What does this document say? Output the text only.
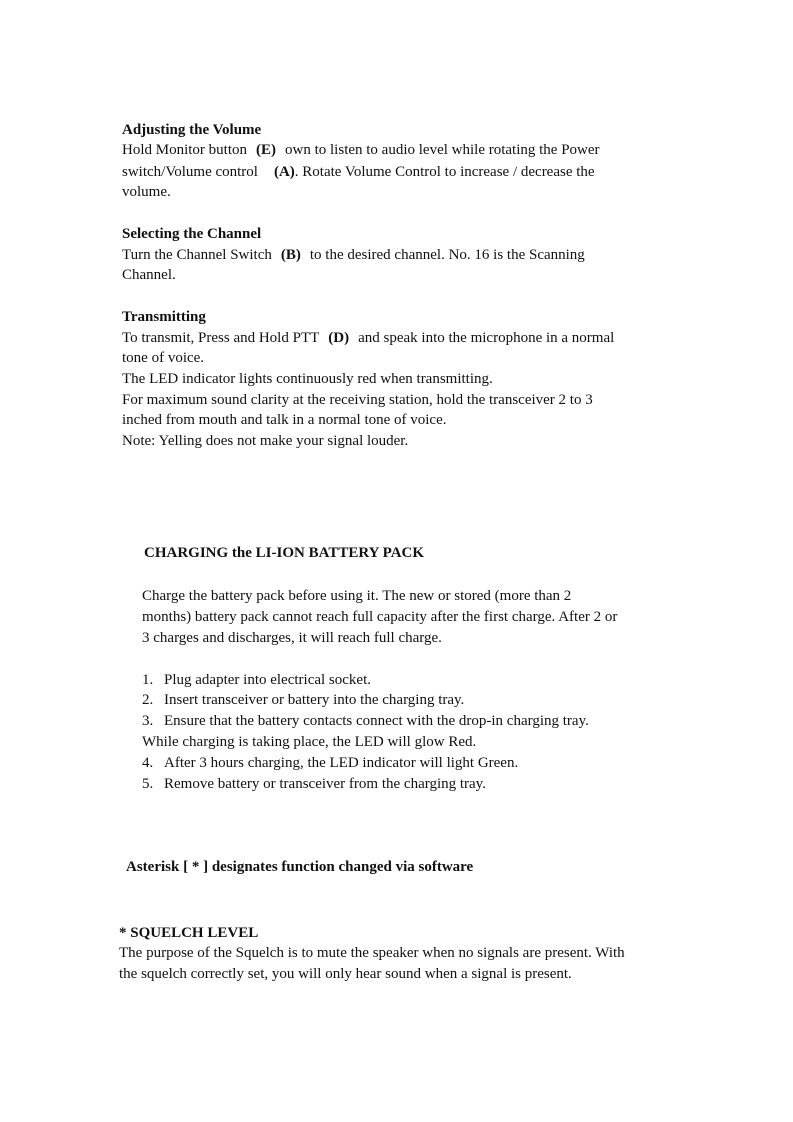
Adjusting the Volume
Hold Monitor button (E) own to listen to audio level while rotating the Power
switch/Volume control (A). Rotate Volume Control to increase / decrease the
volume.
Selecting the Channel
Turn the Channel Switch (B) to the desired channel. No. 16 is the Scanning
Channel.
Transmitting
To transmit, Press and Hold PTT (D) and speak into the microphone in a normal
tone of voice.
The LED indicator lights continuously red when transmitting.
For maximum sound clarity at the receiving station, hold the transceiver 2 to 3
inched from mouth and talk in a normal tone of voice.
Note: Yelling does not make your signal louder.
CHARGING the LI-ION BATTERY PACK
Charge the battery pack before using it. The new or stored (more than 2
months) battery pack cannot reach full capacity after the first charge. After 2 or
3 charges and discharges, it will reach full charge.
1. Plug adapter into electrical socket.
2. Insert transceiver or battery into the charging tray.
3. Ensure that the battery contacts connect with the drop-in charging tray.
While charging is taking place, the LED will glow Red.
4. After 3 hours charging, the LED indicator will light Green.
5. Remove battery or transceiver from the charging tray.
Asterisk [ * ] designates function changed via software
* SQUELCH LEVEL
The purpose of the Squelch is to mute the speaker when no signals are present. With
the squelch correctly set, you will only hear sound when a signal is present.
